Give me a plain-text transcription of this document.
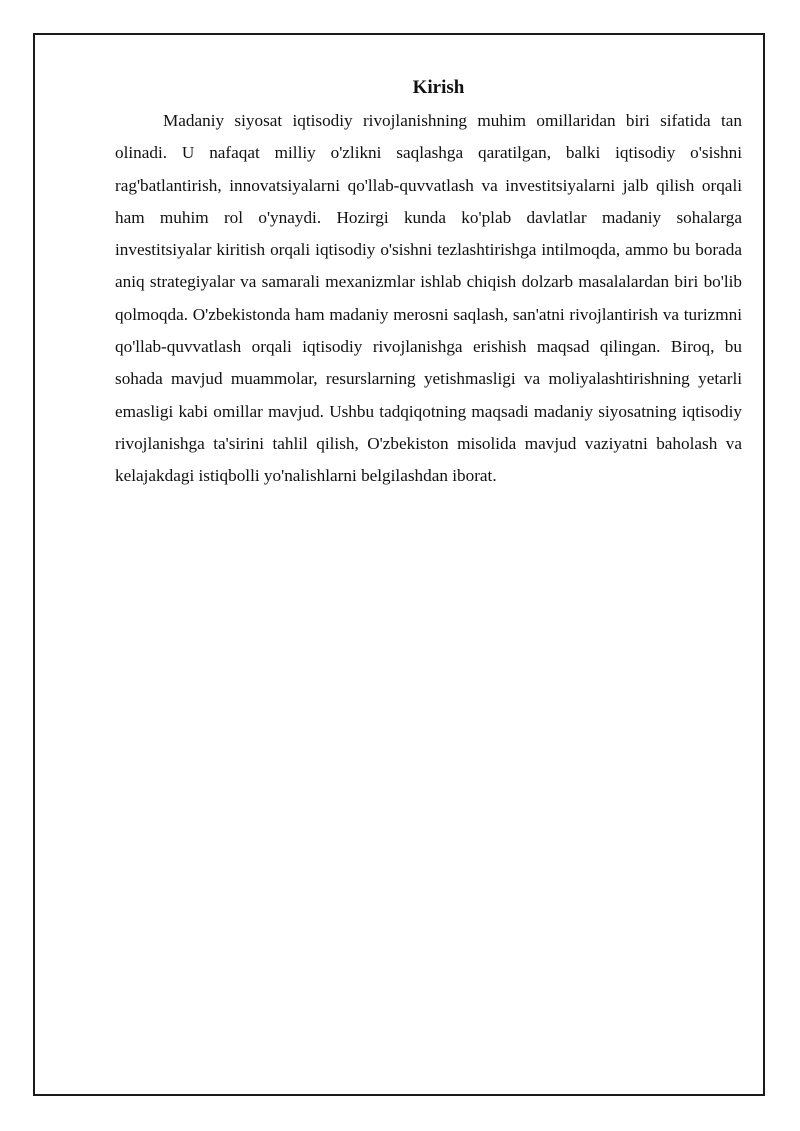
Kirish

Madaniy siyosat iqtisodiy rivojlanishning muhim omillaridan biri sifatida tan olinadi. U nafaqat milliy o'zlikni saqlashga qaratilgan, balki iqtisodiy o'sishni rag'batlantirish, innovatsiyalarni qo'llab-quvvatlash va investitsiyalarni jalb qilish orqali ham muhim rol o'ynaydi. Hozirgi kunda ko'plab davlatlar madaniy sohalarga investitsiyalar kiritish orqali iqtisodiy o'sishni tezlashtirishga intilmoqda, ammo bu borada aniq strategiyalar va samarali mexanizmlar ishlab chiqish dolzarb masalalardan biri bo'lib qolmoqda. O'zbekistonda ham madaniy merosni saqlash, san'atni rivojlantirish va turizmni qo'llab-quvvatlash orqali iqtisodiy rivojlanishga erishish maqsad qilingan. Biroq, bu sohada mavjud muammolar, resurslarning yetishmasligi va moliyalashtirishning yetarli emasligi kabi omillar mavjud. Ushbu tadqiqotning maqsadi madaniy siyosatning iqtisodiy rivojlanishga ta'sirini tahlil qilish, O'zbekiston misolida mavjud vaziyatni baholash va kelajakdagi istiqbolli yo'nalishlarni belgilashdan iborat.
